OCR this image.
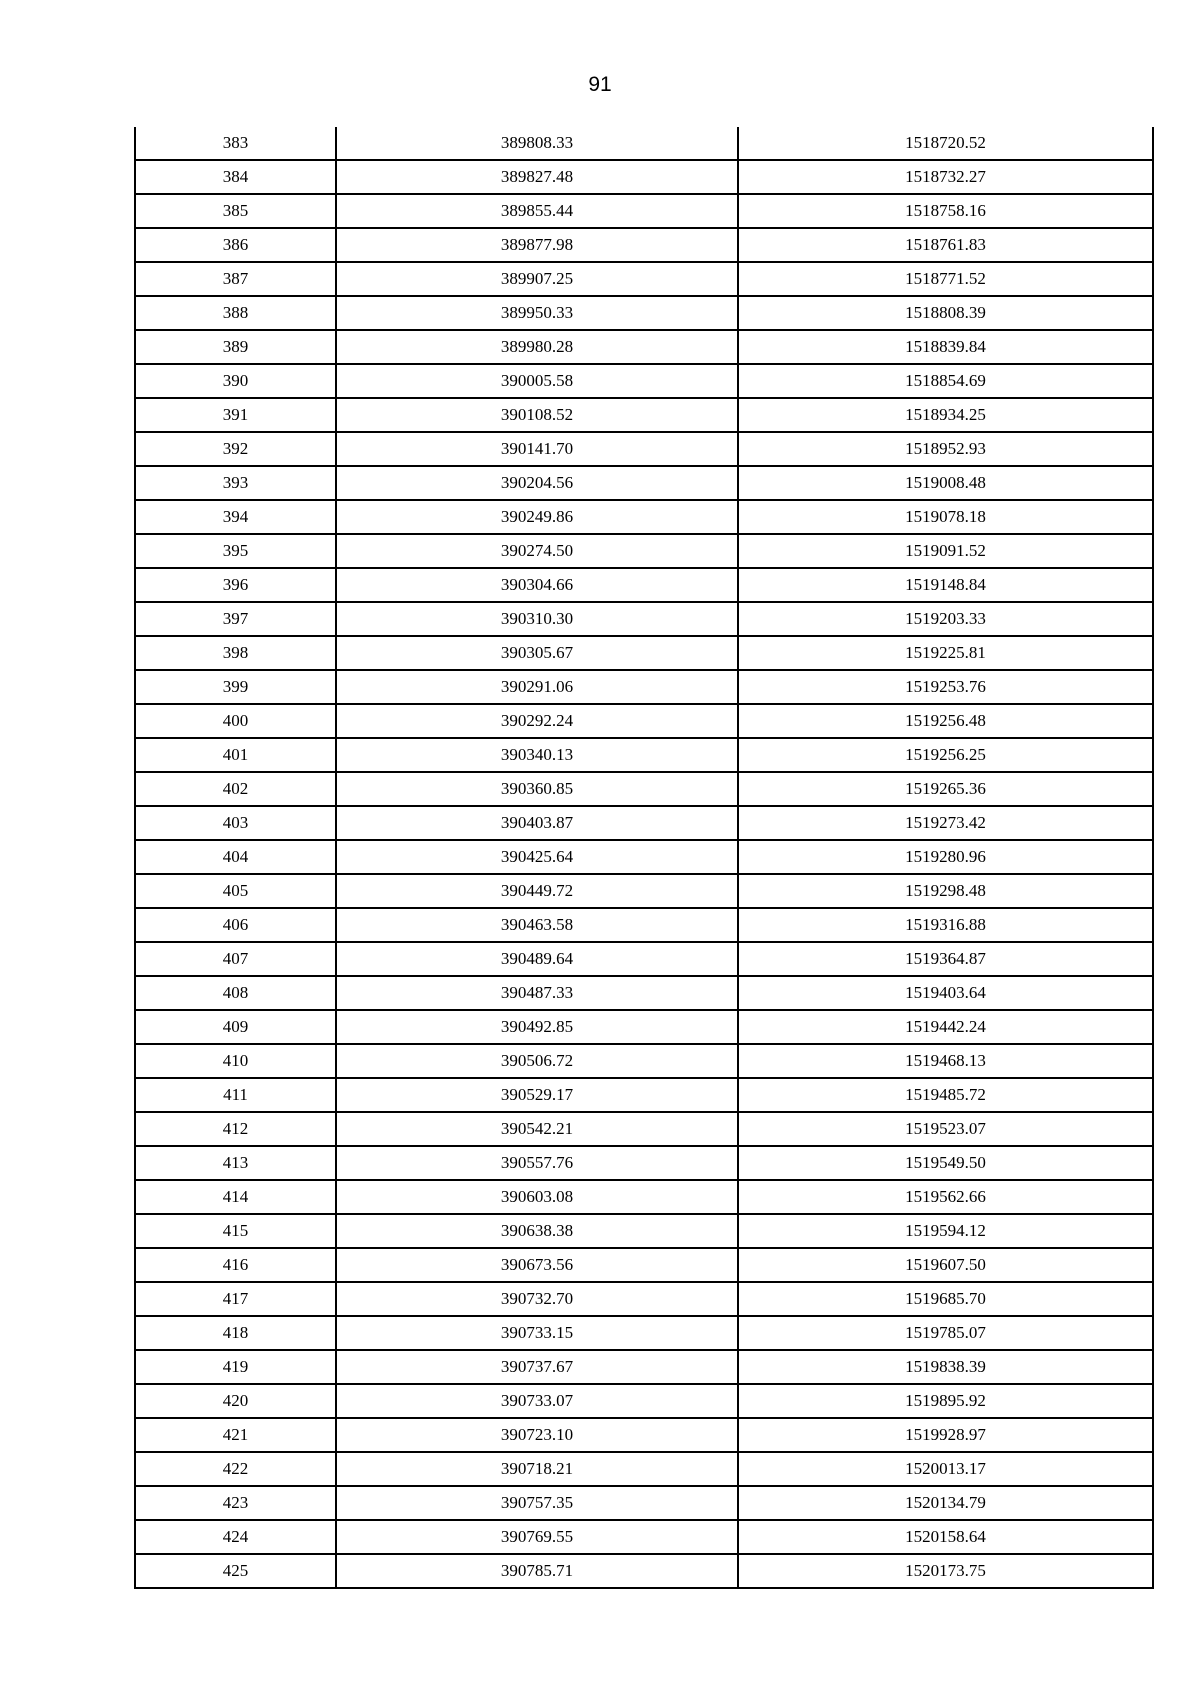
91
383	389808.33	1518720.52
384	389827.48	1518732.27
385	389855.44	1518758.16
386	389877.98	1518761.83
387	389907.25	1518771.52
388	389950.33	1518808.39
389	389980.28	1518839.84
390	390005.58	1518854.69
391	390108.52	1518934.25
392	390141.70	1518952.93
393	390204.56	1519008.48
394	390249.86	1519078.18
395	390274.50	1519091.52
396	390304.66	1519148.84
397	390310.30	1519203.33
398	390305.67	1519225.81
399	390291.06	1519253.76
400	390292.24	1519256.48
401	390340.13	1519256.25
402	390360.85	1519265.36
403	390403.87	1519273.42
404	390425.64	1519280.96
405	390449.72	1519298.48
406	390463.58	1519316.88
407	390489.64	1519364.87
408	390487.33	1519403.64
409	390492.85	1519442.24
410	390506.72	1519468.13
411	390529.17	1519485.72
412	390542.21	1519523.07
413	390557.76	1519549.50
414	390603.08	1519562.66
415	390638.38	1519594.12
416	390673.56	1519607.50
417	390732.70	1519685.70
418	390733.15	1519785.07
419	390737.67	1519838.39
420	390733.07	1519895.92
421	390723.10	1519928.97
422	390718.21	1520013.17
423	390757.35	1520134.79
424	390769.55	1520158.64
425	390785.71	1520173.75
